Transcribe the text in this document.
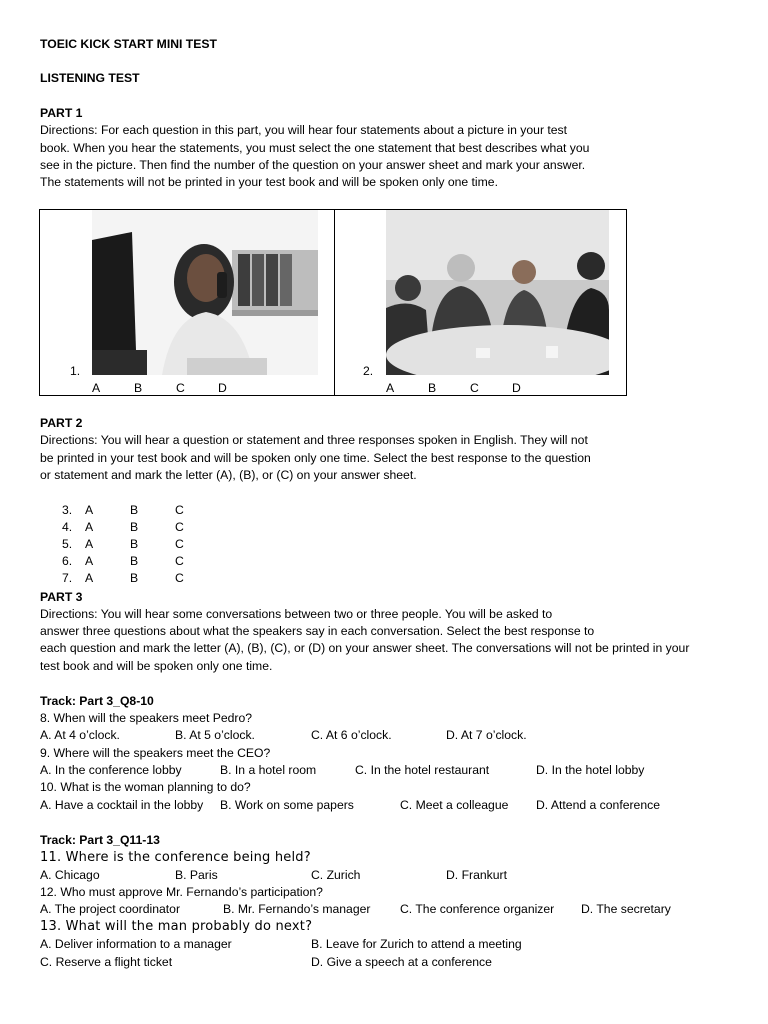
TOEIC KICK START MINI TEST
LISTENING TEST
PART 1
Directions: For each question in this part, you will hear four statements about a picture in your test
book. When you hear the statements, you must select the one statement that best describes what you
see in the picture. Then find the number of the question on your answer sheet and mark your answer.
The statements will not be printed in your test book and will be spoken only one time.
1.
A	B	C	D
2.
A	B	C	D
PART 2
Directions: You will hear a question or statement and three responses spoken in English. They will not
be printed in your test book and will be spoken only one time. Select the best response to the question
or statement and mark the letter (A), (B), or (C) on your answer sheet.
3. A	B	C
4. A	B	C
5. A	B	C
6. A	B	C
7. A	B	C
PART 3
Directions: You will hear some conversations between two or three people. You will be asked to
answer three questions about what the speakers say in each conversation. Select the best response to
each question and mark the letter (A), (B), (C), or (D) on your answer sheet. The conversations will not be printed in your
test book and will be spoken only one time.
Track: Part 3_Q8-10
8. When will the speakers meet Pedro?
A. At 4 o’clock.	B. At 5 o’clock.	C. At 6 o’clock.	D. At 7 o’clock.
9. Where will the speakers meet the CEO?
A. In the conference lobby	B. In a hotel room	C. In the hotel restaurant	D. In the hotel lobby
10. What is the woman planning to do?
A. Have a cocktail in the lobby B. Work on some papers	C. Meet a colleague D. Attend a conference
Track: Part 3_Q11-13
11. Where is the conference being held?
A. Chicago	B. Paris	C. Zurich	D. Frankurt
12. Who must approve Mr. Fernando’s participation?
A. The project coordinator	B. Mr. Fernando’s manager C. The conference organizer D. The secretary
13. What will the man probably do next?
A. Deliver information to a manager	B. Leave for Zurich to attend a meeting
C. Reserve a flight ticket	D. Give a speech at a conference
